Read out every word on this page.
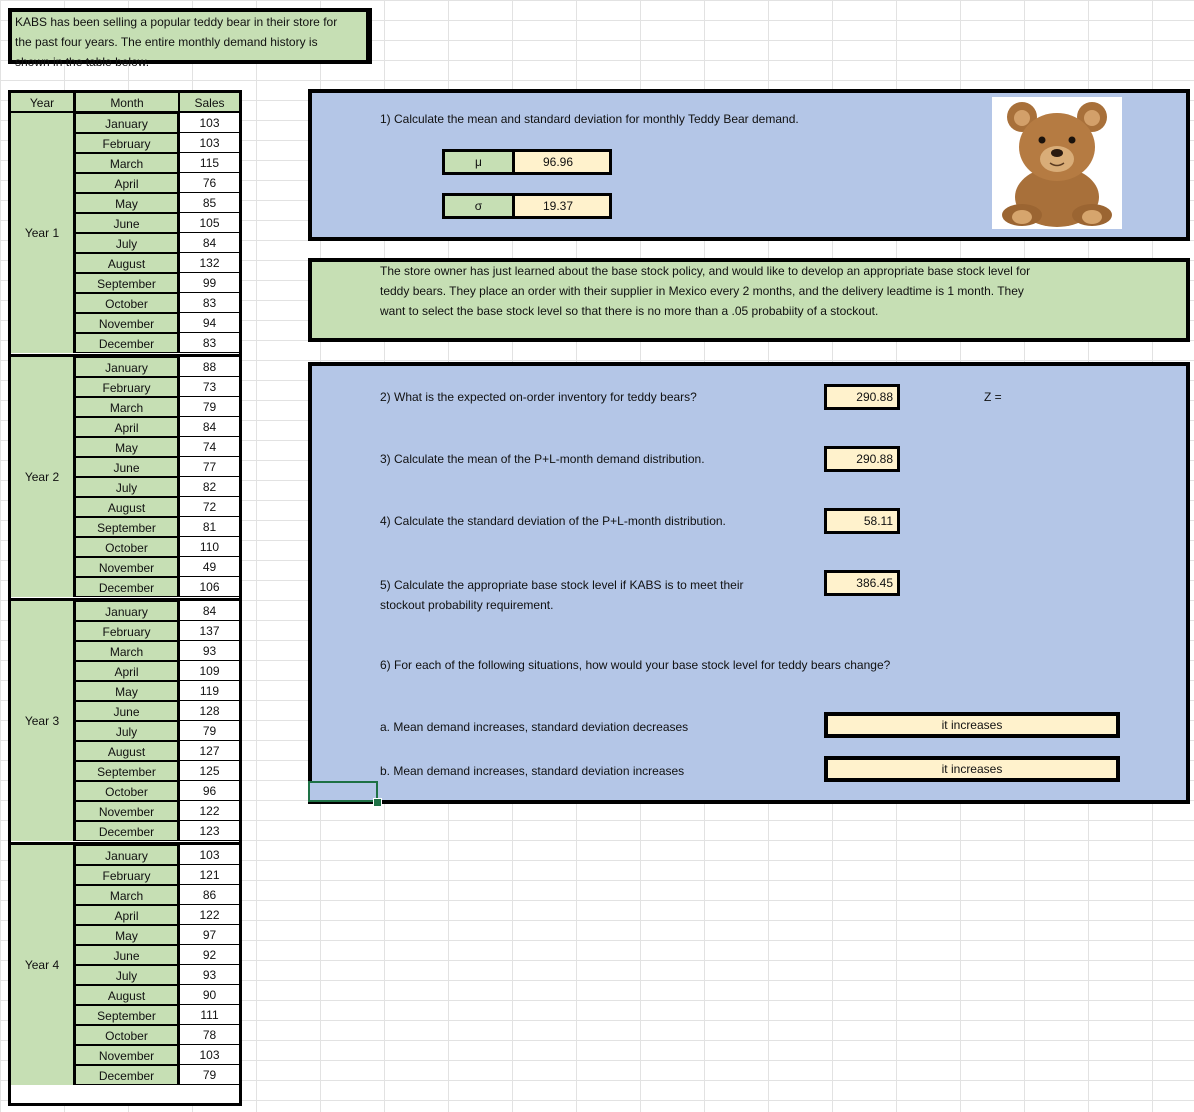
KABS has been selling a popular teddy bear in their store for
the past four years. The entire monthly demand history is
shown in the table below.
Year	Month	Sales
Year 1
January	103
February	103
March	115
April	76
May	85
June	105
July	84
August	132
September	99
October	83
November	94
December	83
Year 2
January	88
February	73
March	79
April	84
May	74
June	77
July	82
August	72
September	81
October	110
November	49
December	106
Year 3
January	84
February	137
March	93
April	109
May	119
June	128
July	79
August	127
September	125
October	96
November	122
December	123
Year 4
January	103
February	121
March	86
April	122
May	97
June	92
July	93
August	90
September	111
October	78
November	103
December	79
1) Calculate the mean and standard deviation for monthly Teddy Bear demand.
μ	96.96
σ	19.37
The store owner has just learned about the base stock policy, and would like to develop an appropriate base stock level for
teddy bears. They place an order with their supplier in Mexico every 2 months, and the delivery leadtime is 1 month. They
want to select the base stock level so that there is no more than a .05 probabiity of a stockout.
2) What is the expected on-order inventory for teddy bears?	290.88	Z =
3) Calculate the mean of the P+L-month demand distribution.	290.88
4) Calculate the standard deviation of the P+L-month distribution.	58.11
5) Calculate the appropriate base stock level if KABS is to meet their
stockout probability requirement.
386.45
6) For each of the following situations, how would your base stock level for teddy bears change?
a. Mean demand increases, standard deviation decreases	it increases
b. Mean demand increases, standard deviation increases	it increases
